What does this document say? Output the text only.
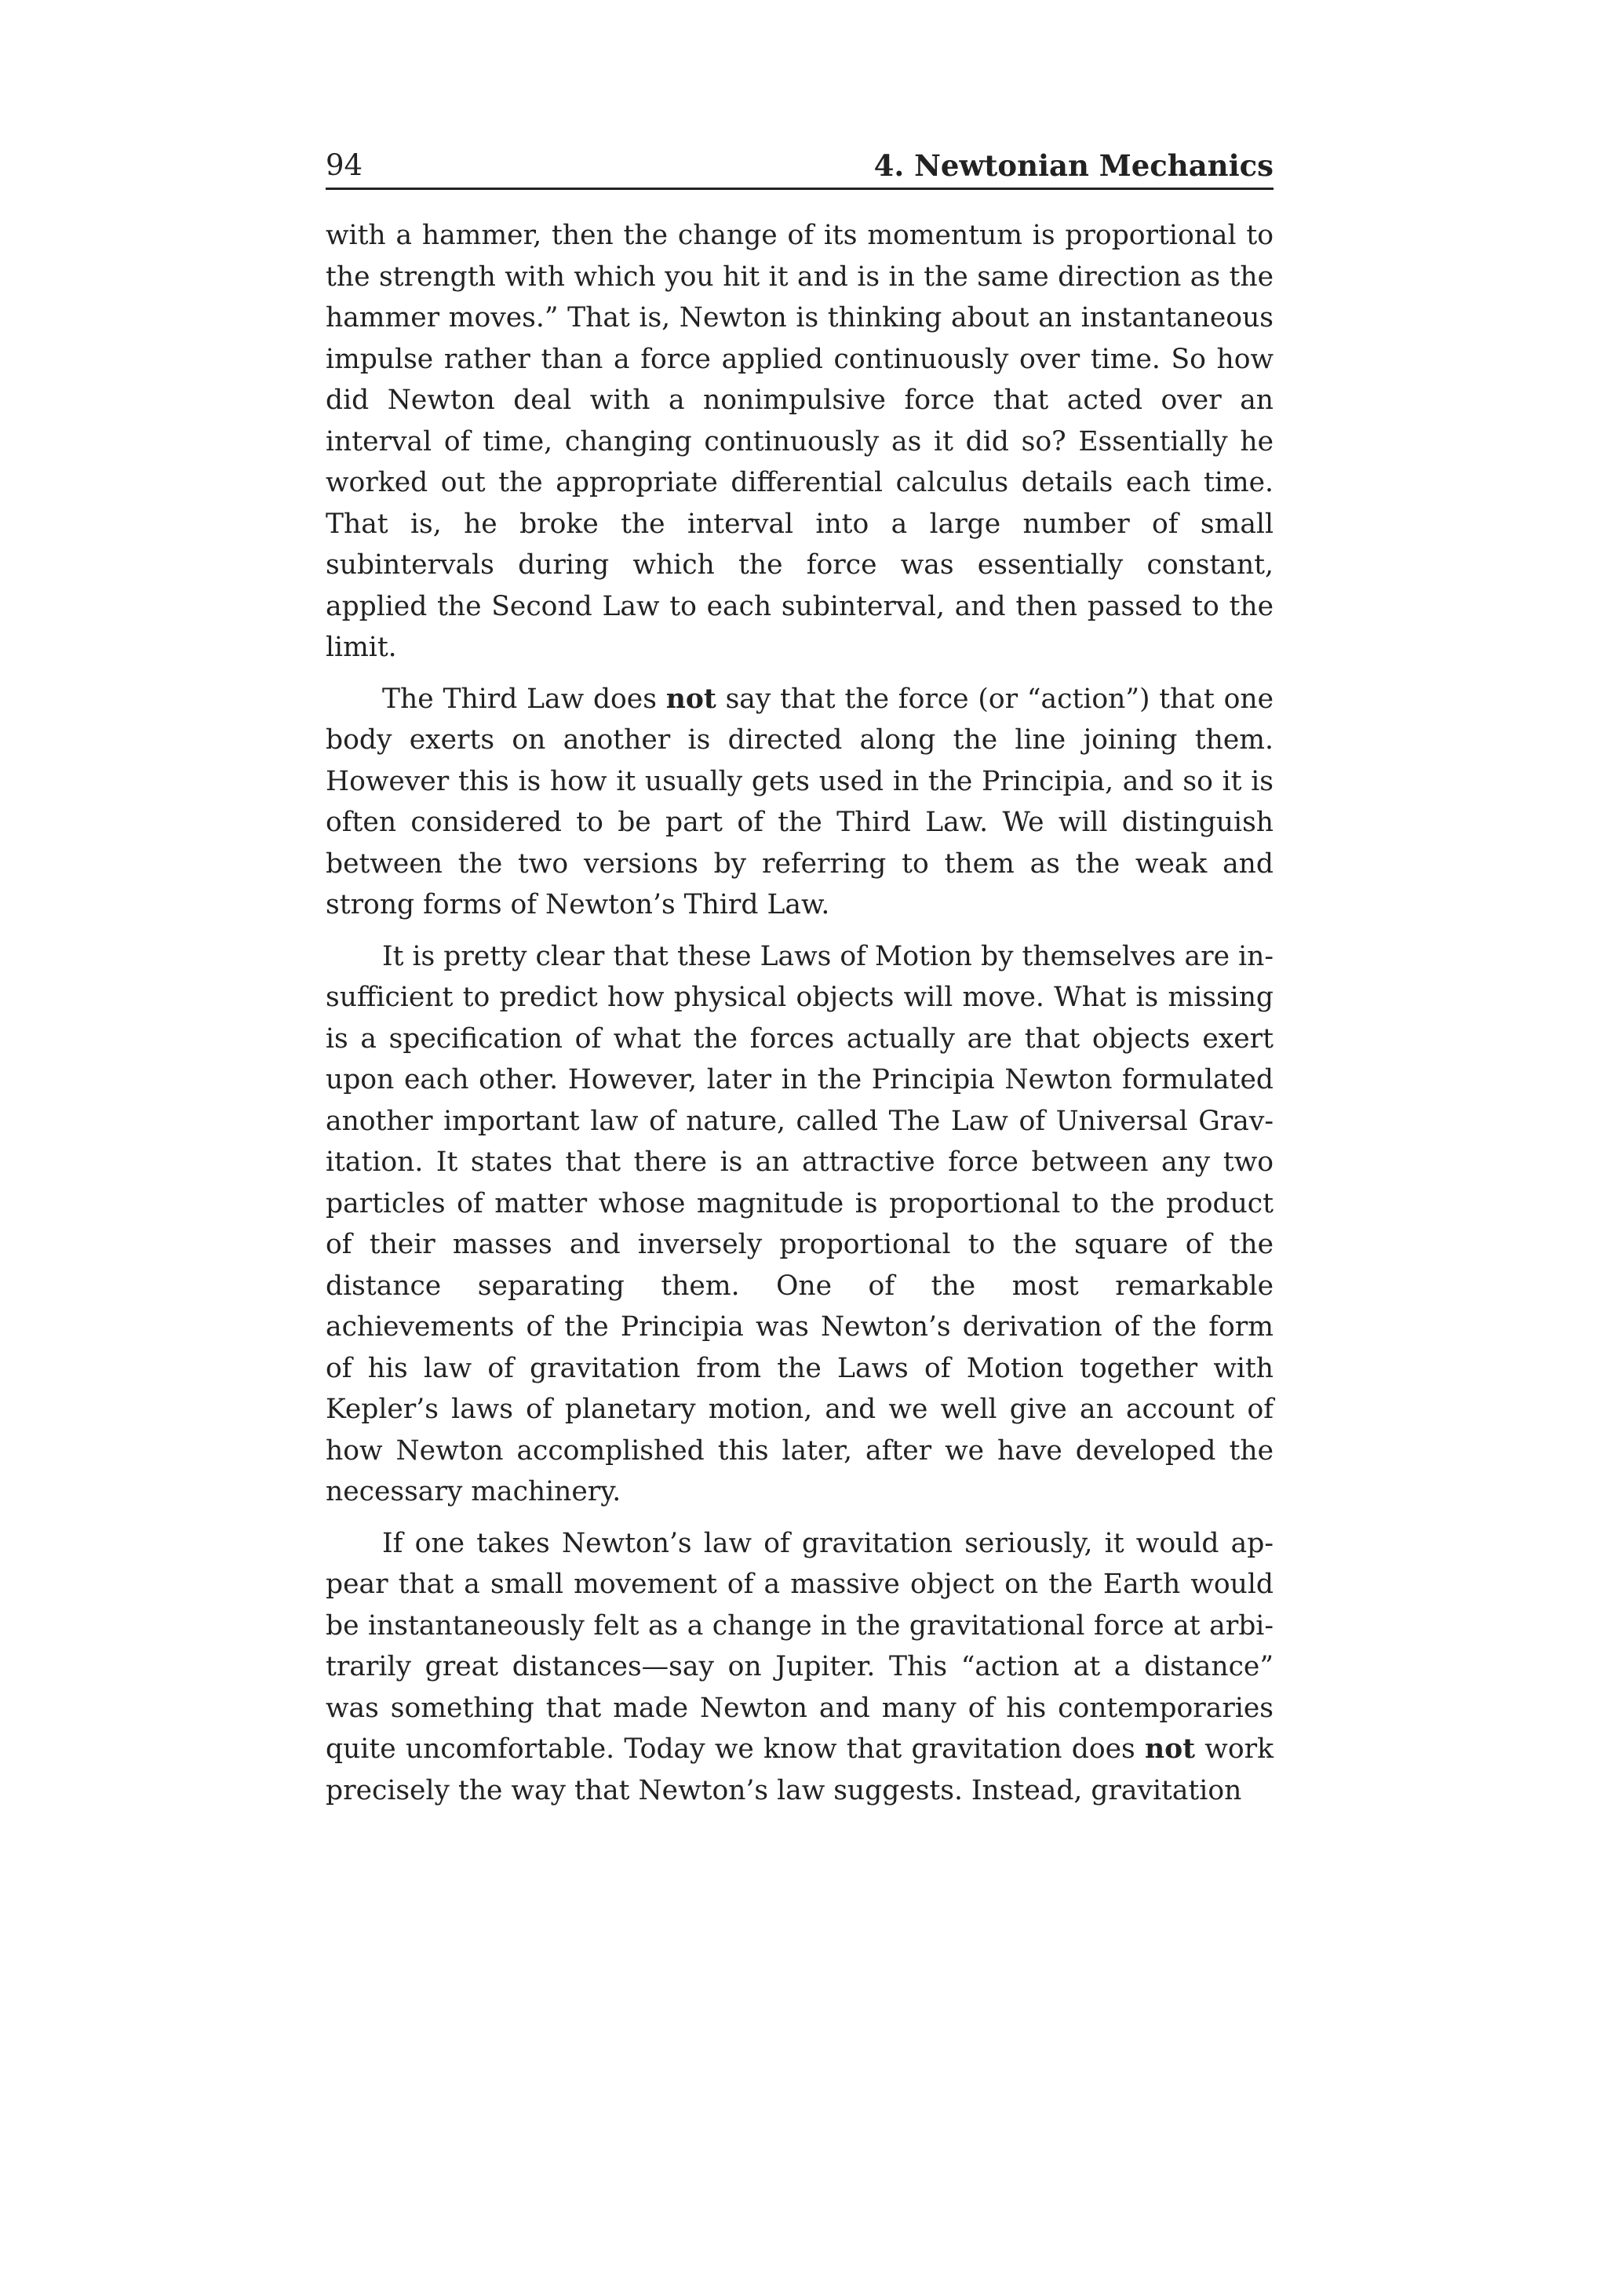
94	4. Newtonian Mechanics

with a hammer, then the change of its momentum is proportional to the strength with which you hit it and is in the same direction as the hammer moves.” That is, Newton is thinking about an instantaneous impulse rather than a force applied continuously over time. So how did Newton deal with a nonimpulsive force that acted over an interval of time, changing continuously as it did so? Essentially he worked out the appropriate differential calculus details each time. That is, he broke the interval into a large number of small subintervals during which the force was essentially constant, applied the Second Law to each subinterval, and then passed to the limit.

The Third Law does not say that the force (or “action”) that one body exerts on another is directed along the line joining them. However this is how it usually gets used in the Principia, and so it is often considered to be part of the Third Law. We will distinguish between the two versions by referring to them as the weak and strong forms of Newton’s Third Law.

It is pretty clear that these Laws of Motion by themselves are insufficient to predict how physical objects will move. What is missing is a specification of what the forces actually are that objects exert upon each other. However, later in the Principia Newton formulated another important law of nature, called The Law of Universal Gravitation. It states that there is an attractive force between any two particles of matter whose magnitude is proportional to the product of their masses and inversely proportional to the square of the distance separating them. One of the most remarkable achievements of the Principia was Newton’s derivation of the form of his law of gravitation from the Laws of Motion together with Kepler’s laws of planetary motion, and we well give an account of how Newton accomplished this later, after we have developed the necessary machinery.

If one takes Newton’s law of gravitation seriously, it would appear that a small movement of a massive object on the Earth would be instantaneously felt as a change in the gravitational force at arbitrarily great distances—say on Jupiter. This “action at a distance” was something that made Newton and many of his contemporaries quite uncomfortable. Today we know that gravitation does not work precisely the way that Newton’s law suggests. Instead, gravitation
